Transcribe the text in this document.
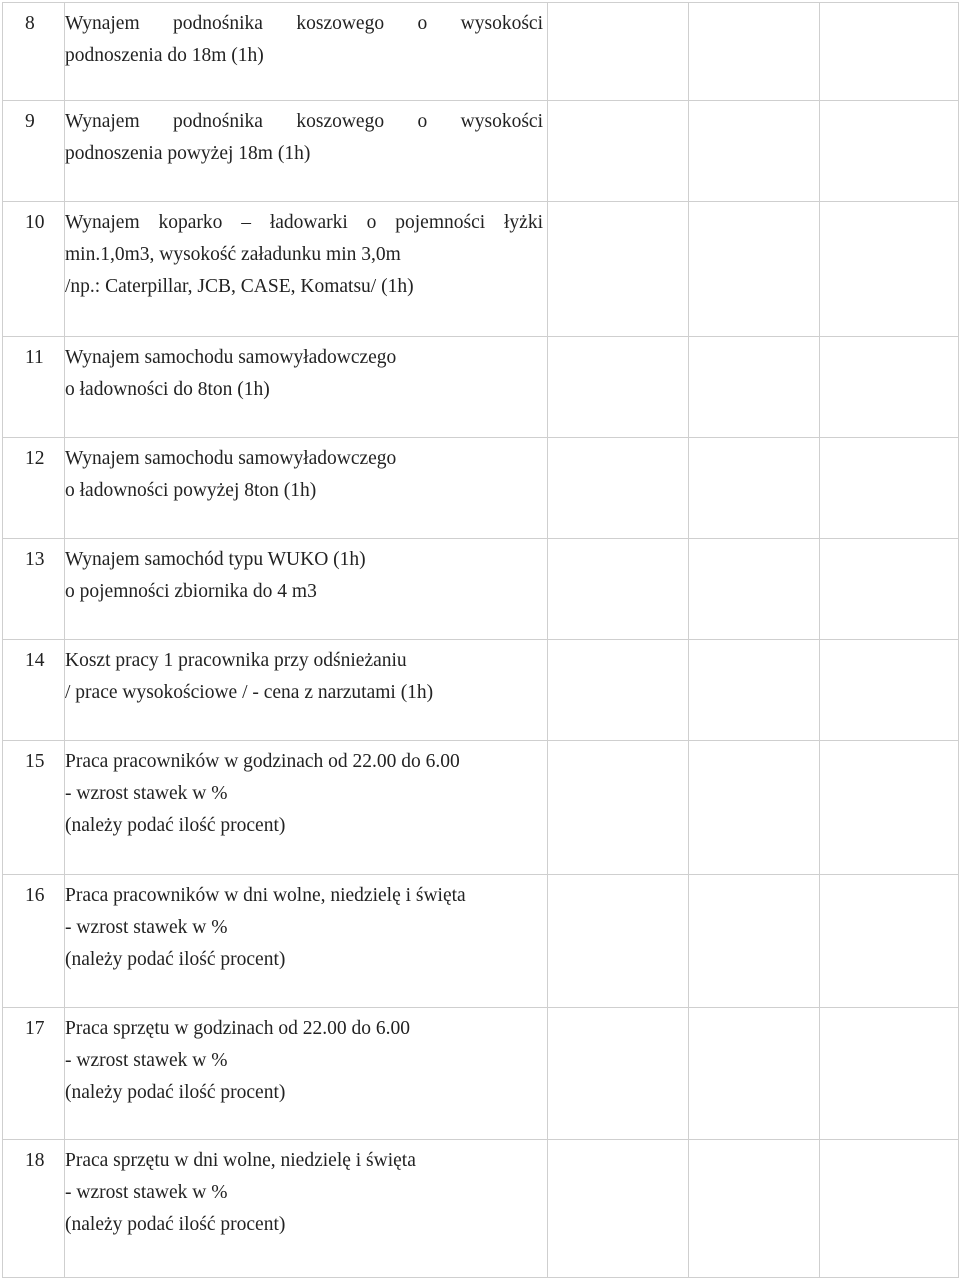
8	Wynajem podnośnika koszowego o wysokości
podnoszenia do 18m (1h)			

9	Wynajem podnośnika koszowego o wysokości
podnoszenia powyżej 18m (1h)			

10	Wynajem koparko – ładowarki o pojemności łyżki
min.1,0m3, wysokość załadunku min 3,0m
/np.: Caterpillar, JCB, CASE, Komatsu/ (1h)			

11	Wynajem samochodu samowyładowczego
o ładowności do 8ton (1h)			

12	Wynajem samochodu samowyładowczego
o ładowności powyżej 8ton (1h)			

13	Wynajem samochód typu WUKO (1h)
o pojemności zbiornika do 4 m3			

14	Koszt pracy 1 pracownika przy odśnieżaniu
/ prace wysokościowe / - cena z narzutami (1h)			

15	Praca pracowników w godzinach od 22.00 do 6.00
- wzrost stawek w %
(należy podać ilość procent)			

16	Praca pracowników w dni wolne, niedzielę i święta
- wzrost stawek w %
(należy podać ilość procent)			

17	Praca sprzętu w godzinach od 22.00 do 6.00
- wzrost stawek w %
(należy podać ilość procent)			

18	Praca sprzętu w dni wolne, niedzielę i święta
- wzrost stawek w %
(należy podać ilość procent)			
